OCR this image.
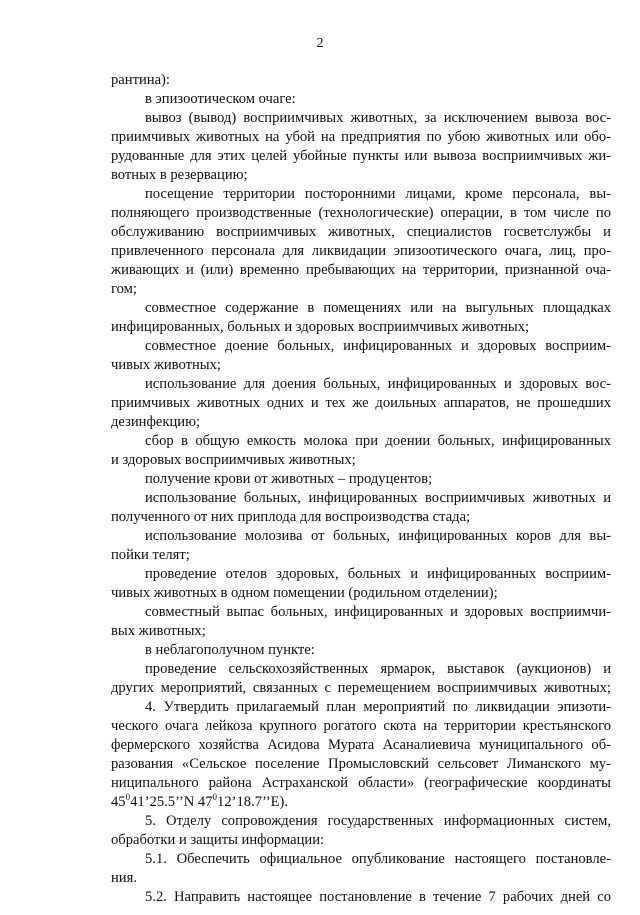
2

рантина):

в эпизоотическом очаге:

вывоз (вывод) восприимчивых животных, за исключением вывоза вос-

приимчивых животных на убой на предприятия по убою животных или обо-

рудованные для этих целей убойные пункты или вывоза восприимчивых жи-

вотных в резервацию;

посещение территории посторонними лицами, кроме персонала, вы-

полняющего производственные (технологические) операции, в том числе по

обслуживанию восприимчивых животных, специалистов госветслужбы и

привлеченного персонала для ликвидации эпизоотического очага, лиц, про-

живающих и (или) временно пребывающих на территории, признанной оча-

гом;

совместное содержание в помещениях или на выгульных площадках

инфицированных, больных и здоровых восприимчивых животных;

совместное доение больных, инфицированных и здоровых восприим-

чивых животных;

использование для доения больных, инфицированных и здоровых вос-

приимчивых животных одних и тех же доильных аппаратов, не прошедших

дезинфекцию;

сбор в общую емкость молока при доении больных, инфицированных

и здоровых восприимчивых животных;

получение крови от животных – продуцентов;

использование больных, инфицированных восприимчивых животных и

полученного от них приплода для воспроизводства стада;

использование молозива от больных, инфицированных коров для вы-

пойки телят;

проведение отелов здоровых, больных и инфицированных восприим-

чивых животных в одном помещении (родильном отделении);

совместный выпас больных, инфицированных и здоровых восприимчи-

вых животных;

в неблагополучном пункте:

проведение сельскохозяйственных ярмарок, выставок (аукционов) и

других мероприятий, связанных с перемещением восприимчивых животных;

4. Утвердить прилагаемый план мероприятий по ликвидации эпизоти-

ческого очага лейкоза крупного рогатого скота на территории крестьянского

фермерского хозяйства Асидова Мурата Асаналиевича муниципального об-

разования «Сельское поселение Промысловский сельсовет Лиманского му-

ниципального района Астраханской области» (географические координаты

$45^041’25.5’’N$ $47^012’18.7’’E$).

5. Отделу сопровождения государственных информационных систем,

обработки и защиты информации:

5.1. Обеспечить официальное опубликование настоящего постановле-

ния.

5.2. Направить настоящее постановление в течение 7 рабочих дней со
